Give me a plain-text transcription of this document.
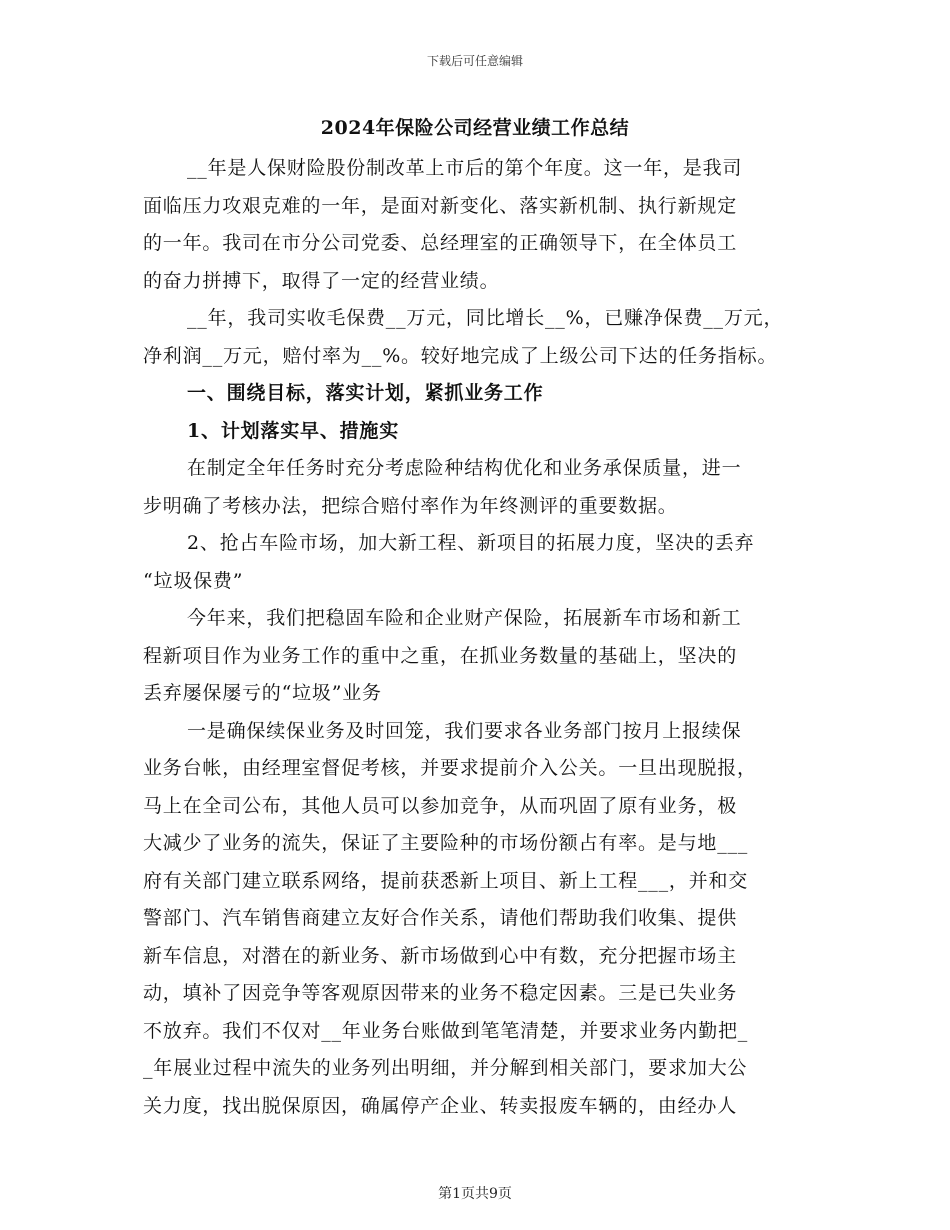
下载后可任意编辑
2024年保险公司经营业绩工作总结
__年是人保财险股份制改革上市后的第个年度。这一年，是我司
面临压力攻艰克难的一年，是面对新变化、落实新机制、执行新规定
的一年。我司在市分公司党委、总经理室的正确领导下，在全体员工
的奋力拼搏下，取得了一定的经营业绩。
__年，我司实收毛保费__万元，同比增长__%，已赚净保费__万元，
净利润__万元，赔付率为__%。较好地完成了上级公司下达的任务指标。
一、围绕目标，落实计划，紧抓业务工作
1、计划落实早、措施实
在制定全年任务时充分考虑险种结构优化和业务承保质量，进一
步明确了考核办法，把综合赔付率作为年终测评的重要数据。
2、抢占车险市场，加大新工程、新项目的拓展力度，坚决的丢弃
“垃圾保费”
今年来，我们把稳固车险和企业财产保险，拓展新车市场和新工
程新项目作为业务工作的重中之重，在抓业务数量的基础上，坚决的
丢弃屡保屡亏的“垃圾”业务
一是确保续保业务及时回笼，我们要求各业务部门按月上报续保
业务台帐，由经理室督促考核，并要求提前介入公关。一旦出现脱报，
马上在全司公布，其他人员可以参加竞争，从而巩固了原有业务，极
大减少了业务的流失，保证了主要险种的市场份额占有率。是与地___
府有关部门建立联系网络，提前获悉新上项目、新上工程___，并和交
警部门、汽车销售商建立友好合作关系，请他们帮助我们收集、提供
新车信息，对潜在的新业务、新市场做到心中有数，充分把握市场主
动，填补了因竞争等客观原因带来的业务不稳定因素。三是已失业务
不放弃。我们不仅对__年业务台账做到笔笔清楚，并要求业务内勤把_
_年展业过程中流失的业务列出明细，并分解到相关部门，要求加大公
关力度，找出脱保原因，确属停产企业、转卖报废车辆的，由经办人
第1页共9页
